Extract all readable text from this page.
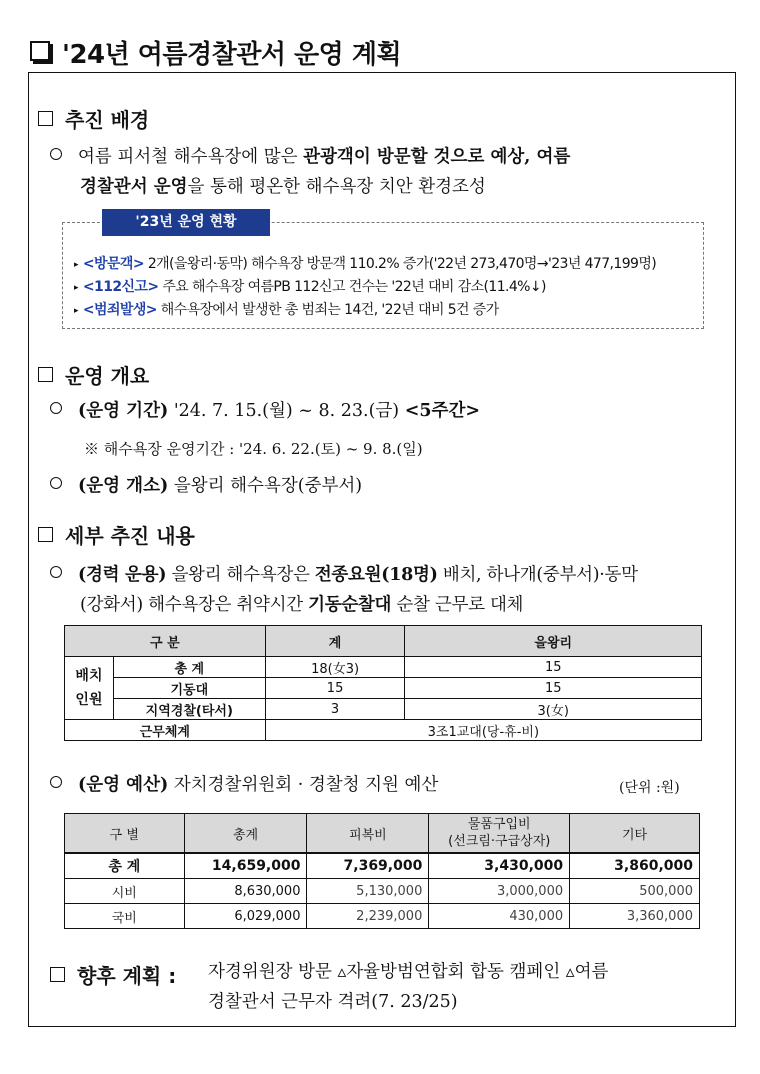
'24년 여름경찰관서 운영 계획
추진 배경
여름 피서철 해수욕장에 많은 관광객이 방문할 것으로 예상, 여름
경찰관서 운영을 통해 평온한 해수욕장 치안 환경조성
'23년 운영 현황
▸ <방문객> 2개(을왕리·동막) 해수욕장 방문객 110.2% 증가('22년 273,470명→'23년 477,199명)
▸ <112신고> 주요 해수욕장 여름PB 112신고 건수는 '22년 대비 감소(11.4%↓)
▸ <범죄발생> 해수욕장에서 발생한 총 범죄는 14건, '22년 대비 5건 증가
운영 개요
(운영 기간) '24. 7. 15.(월) ~ 8. 23.(금) <5주간>
※ 해수욕장 운영기간 : '24. 6. 22.(토) ~ 9. 8.(일)
(운영 개소) 을왕리 해수욕장(중부서)
세부 추진 내용
(경력 운용) 을왕리 해수욕장은 전종요원(18명) 배치, 하나개(중부서)·동막
(강화서) 해수욕장은 취약시간 기동순찰대 순찰 근무로 대체
구 분		계	을왕리
배치
인원	총 계	18(女3)	15
	기동대	15	15
	지역경찰(타서)	3	3(女)
근무체계		3조1교대(당-휴-비)	
(운영 예산) 자치경찰위원회 · 경찰청 지원 예산	(단위 :원)
구 별	총계	피복비	물품구입비
(선크림·구급상자)	기타
총 계	14,659,000	7,369,000	3,430,000	3,860,000
시비	8,630,000	5,130,000	3,000,000	500,000
국비	6,029,000	2,239,000	430,000	3,360,000
향후 계획 : 자경위원장 방문 ▵자율방범연합회 합동 캠페인 ▵여름
경찰관서 근무자 격려(7. 23/25)
